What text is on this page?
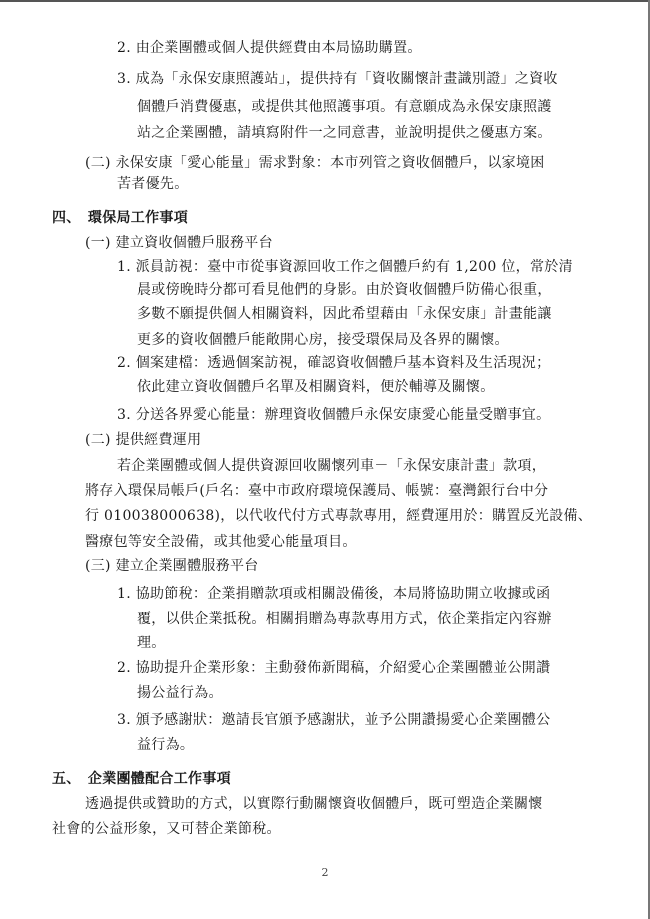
2. 由企業團體或個人提供經費由本局協助購置。
3. 成為「永保安康照護站」，提供持有「資收關懷計畫識別證」之資收
個體戶消費優惠，或提供其他照護事項。有意願成為永保安康照護
站之企業團體，請填寫附件一之同意書，並說明提供之優惠方案。
(二) 永保安康「愛心能量」需求對象：本市列管之資收個體戶，以家境困
苦者優先。
四、　環保局工作事項
(一) 建立資收個體戶服務平台
1. 派員訪視：臺中市從事資源回收工作之個體戶約有 1,200 位，常於清
晨或傍晚時分都可看見他們的身影。由於資收個體戶防備心很重，
多數不願提供個人相關資料，因此希望藉由「永保安康」計畫能讓
更多的資收個體戶能敞開心房，接受環保局及各界的關懷。
2. 個案建檔：透過個案訪視，確認資收個體戶基本資料及生活現況；
依此建立資收個體戶名單及相關資料，便於輔導及關懷。
3. 分送各界愛心能量：辦理資收個體戶永保安康愛心能量受贈事宜。
(二) 提供經費運用
若企業團體或個人提供資源回收關懷列車－「永保安康計畫」款項，
將存入環保局帳戶(戶名：臺中市政府環境保護局、帳號：臺灣銀行台中分
行 010038000638)，以代收代付方式專款專用，經費運用於：購置反光設備、
醫療包等安全設備，或其他愛心能量項目。
(三) 建立企業團體服務平台
1. 協助節稅：企業捐贈款項或相關設備後，本局將協助開立收據或函
覆，以供企業抵稅。相關捐贈為專款專用方式，依企業指定內容辦
理。
2. 協助提升企業形象：主動發佈新聞稿，介紹愛心企業團體並公開讚
揚公益行為。
3. 頒予感謝狀：邀請長官頒予感謝狀，並予公開讚揚愛心企業團體公
益行為。
五、　企業團體配合工作事項
透過提供或贊助的方式，以實際行動關懷資收個體戶，既可塑造企業關懷
社會的公益形象，又可替企業節稅。
2
